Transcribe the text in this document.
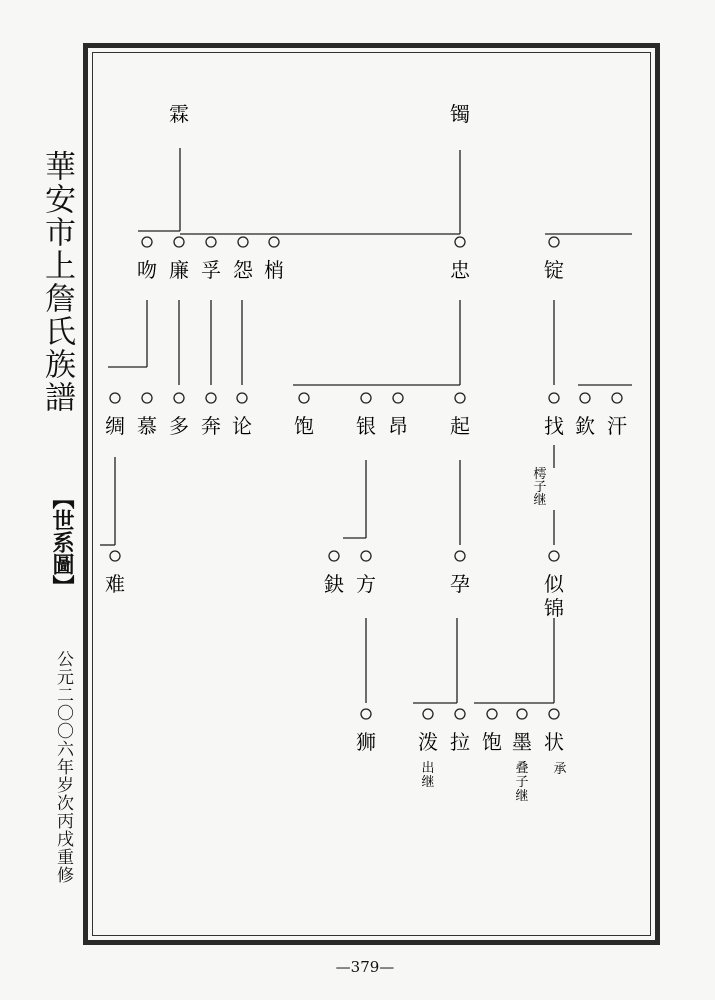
華安市上詹氏族譜
【世系圖】
公元二〇〇六年岁次丙戌重修
霖	镯
吻 廉 孚 怨 梢	忠	锭
绸 慕 多 奔 论 饱 银 昂 起	找 欽 汗
难	鈌 方	孕	似
锦
狮 泼 拉 饱 墨 状
樗
子
继
出
继
叠
子
继
承
—379—
